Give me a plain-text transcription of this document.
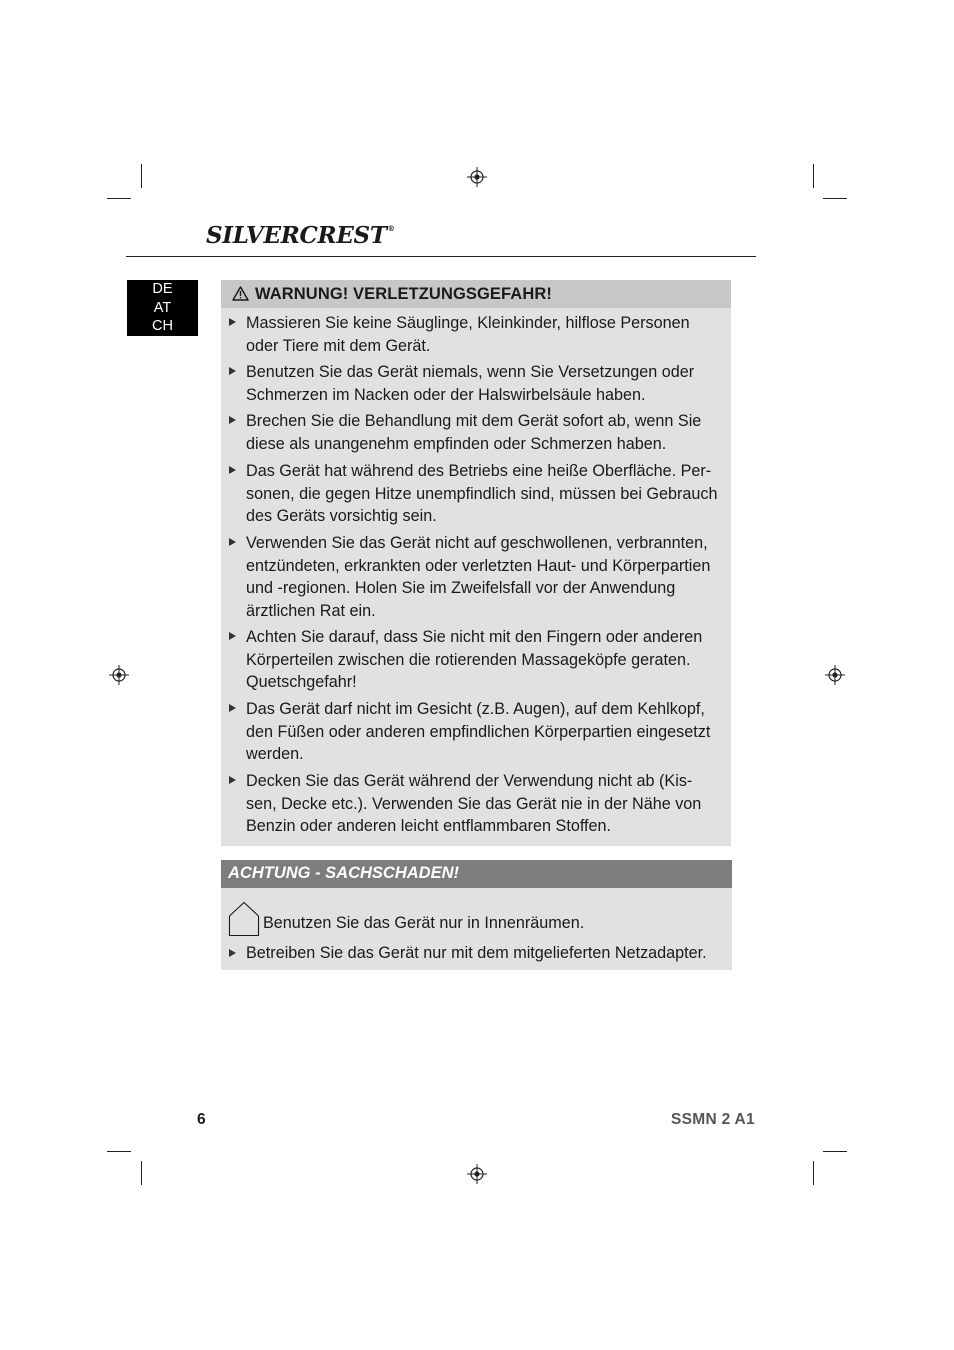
SILVERCREST®
DE
AT
CH	Massieren Sie keine Säuglinge, Kleinkinder, hilflose Personen
oder Tiere mit dem Gerät.
Benutzen Sie das Gerät niemals, wenn Sie Versetzungen oder
Schmerzen im Nacken oder der Halswirbelsäule haben.
Brechen Sie die Behandlung mit dem Gerät sofort ab, wenn Sie
diese als unangenehm empfinden oder Schmerzen haben.
Das Gerät hat während des Betriebs eine heiße Oberfläche. Per-
sonen, die gegen Hitze unempfindlich sind, müssen bei Gebrauch
des Geräts vorsichtig sein.
Verwenden Sie das Gerät nicht auf geschwollenen, verbrannten,
entzündeten, erkrankten oder verletzten Haut- und Körperpartien
und -regionen. Holen Sie im Zweifelsfall vor der Anwendung
ärztlichen Rat ein.
Achten Sie darauf, dass Sie nicht mit den Fingern oder anderen
Körperteilen zwischen die rotierenden Massageköpfe geraten.
Quetschgefahr!
Das Gerät darf nicht im Gesicht (z.B. Augen), auf dem Kehlkopf,
den Füßen oder anderen empfindlichen Körperpartien eingesetzt
werden.
Decken Sie das Gerät während der Verwendung nicht ab (Kis-
sen, Decke etc.). Verwenden Sie das Gerät nie in der Nähe von
Benzin oder anderen leicht entflammbaren Stoffen.
WARNUNG! VERLETZUNGSGEFAHR!
ACHTUNG - SACHSCHADEN!
Benutzen Sie das Gerät nur in Innenräumen.
Betreiben Sie das Gerät nur mit dem mitgelieferten Netzadapter.
6	SSMN 2 A1
